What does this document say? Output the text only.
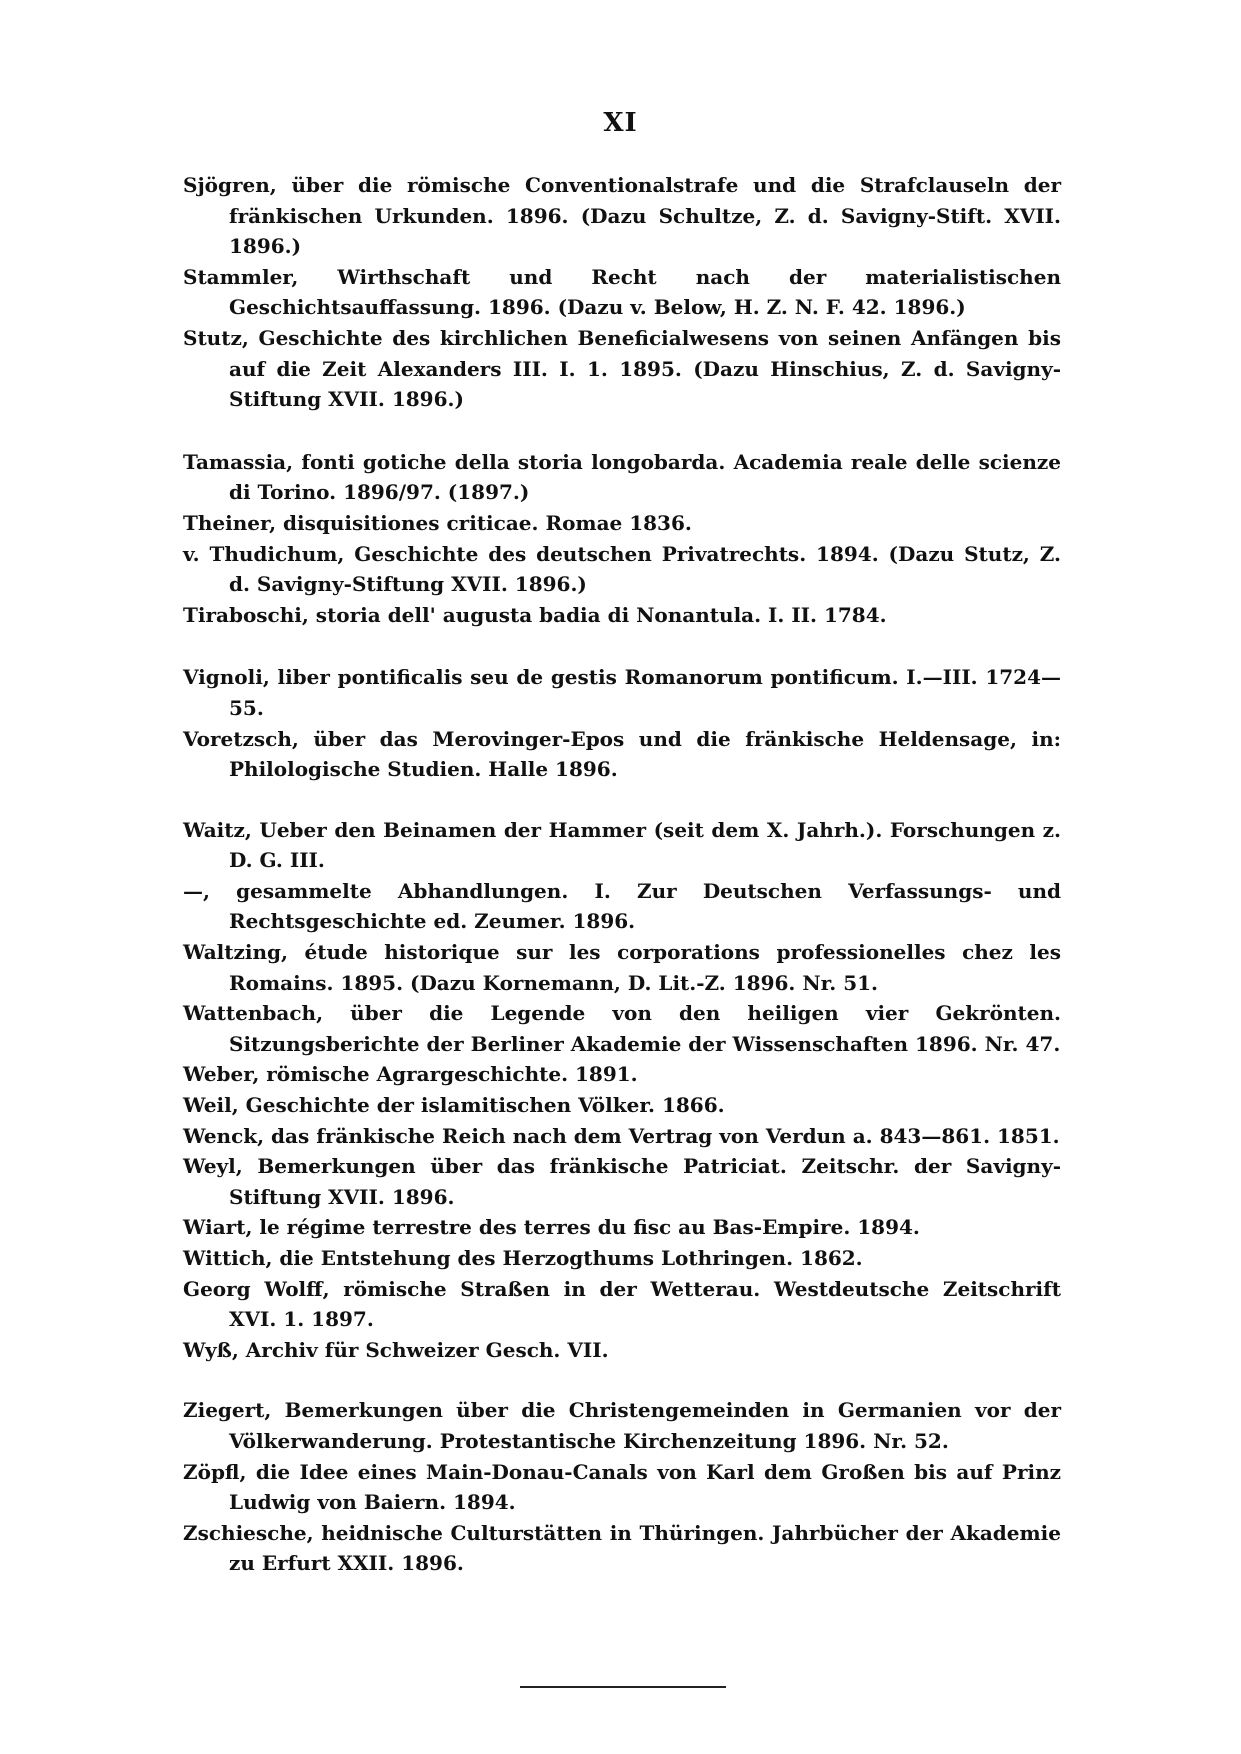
XI

Sjögren, über die römische Conventionalstrafe und die Strafclauseln der fränkischen Urkunden. 1896. (Dazu Schultze, Z. d. Savigny-Stift. XVII. 1896.)

Stammler, Wirthschaft und Recht nach der materialistischen Geschichtsauffassung. 1896. (Dazu v. Below, H. Z. N. F. 42. 1896.)

Stutz, Geschichte des kirchlichen Beneficialwesens von seinen Anfängen bis auf die Zeit Alexanders III. I. 1. 1895. (Dazu Hinschius, Z. d. Savigny-Stiftung XVII. 1896.)

Tamassia, fonti gotiche della storia longobarda. Academia reale delle scienze di Torino. 1896/97. (1897.)

Theiner, disquisitiones criticae. Romae 1836.

v. Thudichum, Geschichte des deutschen Privatrechts. 1894. (Dazu Stutz, Z. d. Savigny-Stiftung XVII. 1896.)

Tiraboschi, storia dell' augusta badia di Nonantula. I. II. 1784.

Vignoli, liber pontificalis seu de gestis Romanorum pontificum. I.—III. 1724—55.

Voretzsch, über das Merovinger-Epos und die fränkische Heldensage, in: Philologische Studien. Halle 1896.

Waitz, Ueber den Beinamen der Hammer (seit dem X. Jahrh.). Forschungen z. D. G. III.

—, gesammelte Abhandlungen. I. Zur Deutschen Verfassungs- und Rechtsgeschichte ed. Zeumer. 1896.

Waltzing, étude historique sur les corporations professionelles chez les Romains. 1895. (Dazu Kornemann, D. Lit.-Z. 1896. Nr. 51.

Wattenbach, über die Legende von den heiligen vier Gekrönten. Sitzungsberichte der Berliner Akademie der Wissenschaften 1896. Nr. 47.

Weber, römische Agrargeschichte. 1891.

Weil, Geschichte der islamitischen Völker. 1866.

Wenck, das fränkische Reich nach dem Vertrag von Verdun a. 843—861. 1851.

Weyl, Bemerkungen über das fränkische Patriciat. Zeitschr. der Savigny-Stiftung XVII. 1896.

Wiart, le régime terrestre des terres du fisc au Bas-Empire. 1894.

Wittich, die Entstehung des Herzogthums Lothringen. 1862.

Georg Wolff, römische Straßen in der Wetterau. Westdeutsche Zeitschrift XVI. 1. 1897.

Wyß, Archiv für Schweizer Gesch. VII.

Ziegert, Bemerkungen über die Christengemeinden in Germanien vor der Völkerwanderung. Protestantische Kirchenzeitung 1896. Nr. 52.

Zöpfl, die Idee eines Main-Donau-Canals von Karl dem Großen bis auf Prinz Ludwig von Baiern. 1894.

Zschiesche, heidnische Culturstätten in Thüringen. Jahrbücher der Akademie zu Erfurt XXII. 1896.
